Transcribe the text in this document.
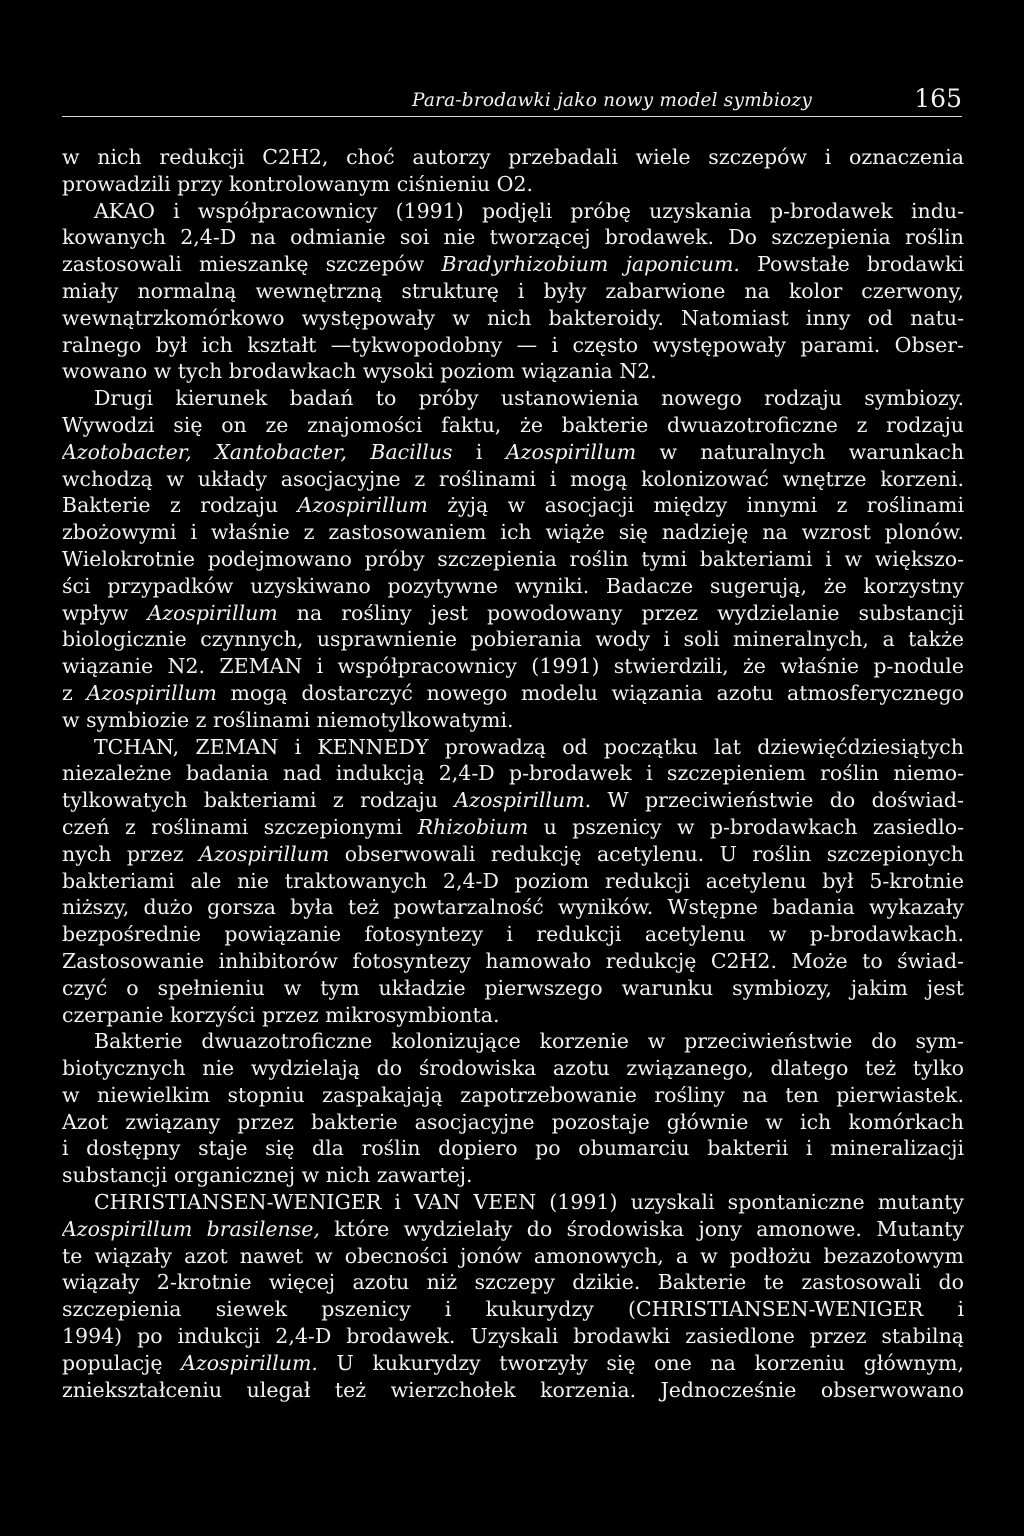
Para-brodawki jako nowy model symbiozy	165
w nich redukcji C2H2, choć autorzy przebadali wiele szczepów i oznaczenia
prowadzili przy kontrolowanym ciśnieniu O2.
AKAO i współpracownicy (1991) podjęli próbę uzyskania p-brodawek indu-
kowanych 2,4-D na odmianie soi nie tworzącej brodawek. Do szczepienia roślin
zastosowali mieszankę szczepów Bradyrhizobium japonicum. Powstałe brodawki
miały normalną wewnętrzną strukturę i były zabarwione na kolor czerwony,
wewnątrzkomórkowo występowały w nich bakteroidy. Natomiast inny od natu-
ralnego był ich kształt —tykwopodobny — i często występowały parami. Obser-
wowano w tych brodawkach wysoki poziom wiązania N2.
Drugi kierunek badań to próby ustanowienia nowego rodzaju symbiozy.
Wywodzi się on ze znajomości faktu, że bakterie dwuazotroficzne z rodzaju
Azotobacter, Xantobacter, Bacillus i Azospirillum w naturalnych warunkach
wchodzą w układy asocjacyjne z roślinami i mogą kolonizować wnętrze korzeni.
Bakterie z rodzaju Azospirillum żyją w asocjacji między innymi z roślinami
zbożowymi i właśnie z zastosowaniem ich wiąże się nadzieję na wzrost plonów.
Wielokrotnie podejmowano próby szczepienia roślin tymi bakteriami i w większo-
ści przypadków uzyskiwano pozytywne wyniki. Badacze sugerują, że korzystny
wpływ Azospirillum na rośliny jest powodowany przez wydzielanie substancji
biologicznie czynnych, usprawnienie pobierania wody i soli mineralnych, a także
wiązanie N2. ZEMAN i współpracownicy (1991) stwierdzili, że właśnie p-nodule
z Azospirillum mogą dostarczyć nowego modelu wiązania azotu atmosferycznego
w symbiozie z roślinami niemotylkowatymi.
TCHAN, ZEMAN i KENNEDY prowadzą od początku lat dziewięćdziesiątych
niezależne badania nad indukcją 2,4-D p-brodawek i szczepieniem roślin niemo-
tylkowatych bakteriami z rodzaju Azospirillum. W przeciwieństwie do doświad-
czeń z roślinami szczepionymi Rhizobium u pszenicy w p-brodawkach zasiedlo-
nych przez Azospirillum obserwowali redukcję acetylenu. U roślin szczepionych
bakteriami ale nie traktowanych 2,4-D poziom redukcji acetylenu był 5-krotnie
niższy, dużo gorsza była też powtarzalność wyników. Wstępne badania wykazały
bezpośrednie powiązanie fotosyntezy i redukcji acetylenu w p-brodawkach.
Zastosowanie inhibitorów fotosyntezy hamowało redukcję C2H2. Może to świad-
czyć o spełnieniu w tym układzie pierwszego warunku symbiozy, jakim jest
czerpanie korzyści przez mikrosymbionta.
Bakterie dwuazotroficzne kolonizujące korzenie w przeciwieństwie do sym-
biotycznych nie wydzielają do środowiska azotu związanego, dlatego też tylko
w niewielkim stopniu zaspakajają zapotrzebowanie rośliny na ten pierwiastek.
Azot związany przez bakterie asocjacyjne pozostaje głównie w ich komórkach
i dostępny staje się dla roślin dopiero po obumarciu bakterii i mineralizacji
substancji organicznej w nich zawartej.
CHRISTIANSEN-WENIGER i VAN VEEN (1991) uzyskali spontaniczne mutanty
Azospirillum brasilense, które wydzielały do środowiska jony amonowe. Mutanty
te wiązały azot nawet w obecności jonów amonowych, a w podłożu bezazotowym
wiązały 2-krotnie więcej azotu niż szczepy dzikie. Bakterie te zastosowali do
szczepienia siewek pszenicy i kukurydzy (CHRISTIANSEN-WENIGER i
1994) po indukcji 2,4-D brodawek. Uzyskali brodawki zasiedlone przez stabilną
populację Azospirillum. U kukurydzy tworzyły się one na korzeniu głównym,
zniekształceniu ulegał też wierzchołek korzenia. Jednocześnie obserwowano
